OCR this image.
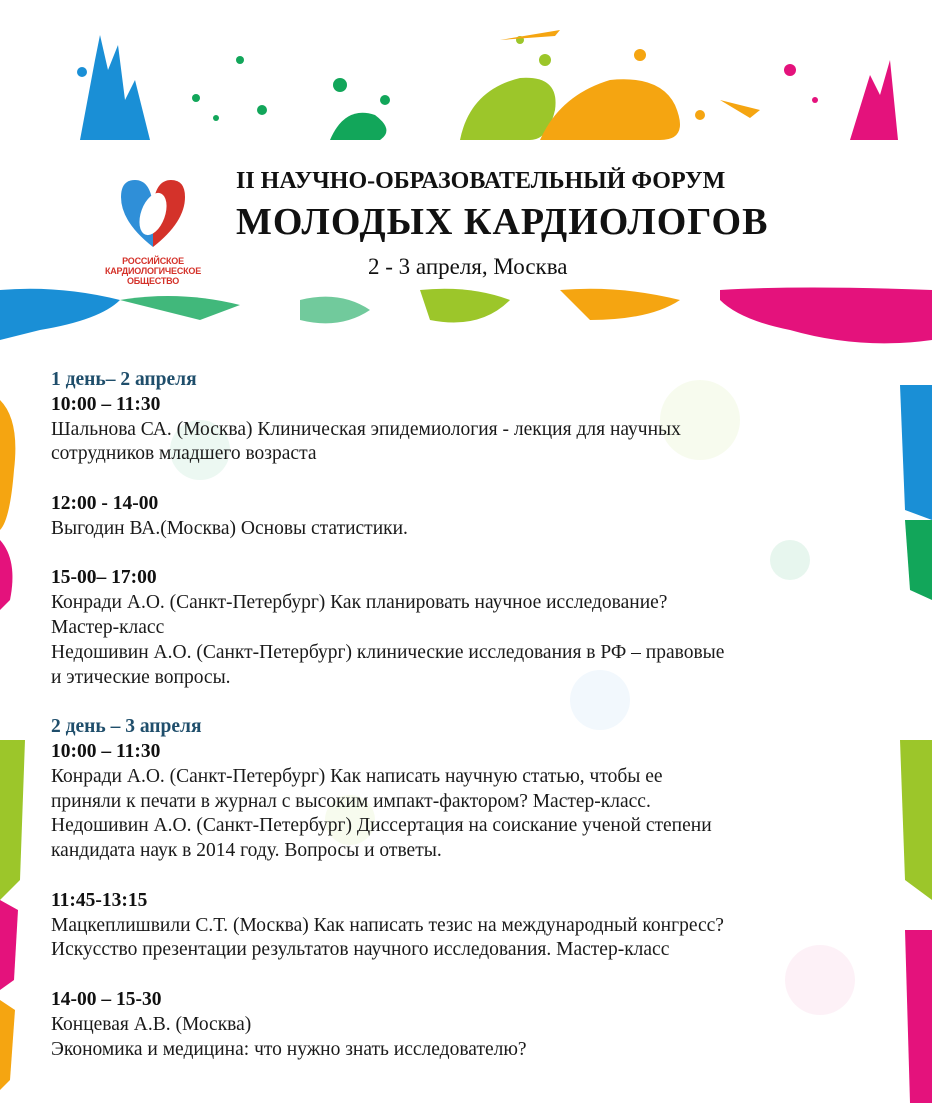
РОССИЙСКОЕ
КАРДИОЛОГИЧЕСКОЕ
ОБЩЕСТВО
II НАУЧНО-ОБРАЗОВАТЕЛЬНЫЙ ФОРУМ
МОЛОДЫХ КАРДИОЛОГОВ
2 - 3 апреля, Москва
1 день– 2 апреля
10:00 – 11:30
Шальнова СА. (Москва) Клиническая эпидемиология - лекция для научных
сотрудников младшего возраста
12:00 - 14-00
Выгодин ВА.(Москва) Основы статистики.
15-00– 17:00
Конради А.О. (Санкт-Петербург) Как планировать научное исследование?
Мастер-класс
Недошивин А.О. (Санкт-Петербург) клинические исследования в РФ – правовые
и этические вопросы.
2 день – 3 апреля
10:00 – 11:30
Конради А.О. (Санкт-Петербург) Как написать научную статью, чтобы ее
приняли к печати в журнал с высоким импакт-фактором? Мастер-класс.
Недошивин А.О. (Санкт-Петербург) Диссертация на соискание ученой степени
кандидата наук в 2014 году. Вопросы и ответы.
11:45-13:15
Мацкеплишвили С.Т. (Москва) Как написать тезис на международный конгресс?
Искусство презентации результатов научного исследования. Мастер-класс
14-00 – 15-30
Концевая А.В. (Москва)
Экономика и медицина: что нужно знать исследователю?
